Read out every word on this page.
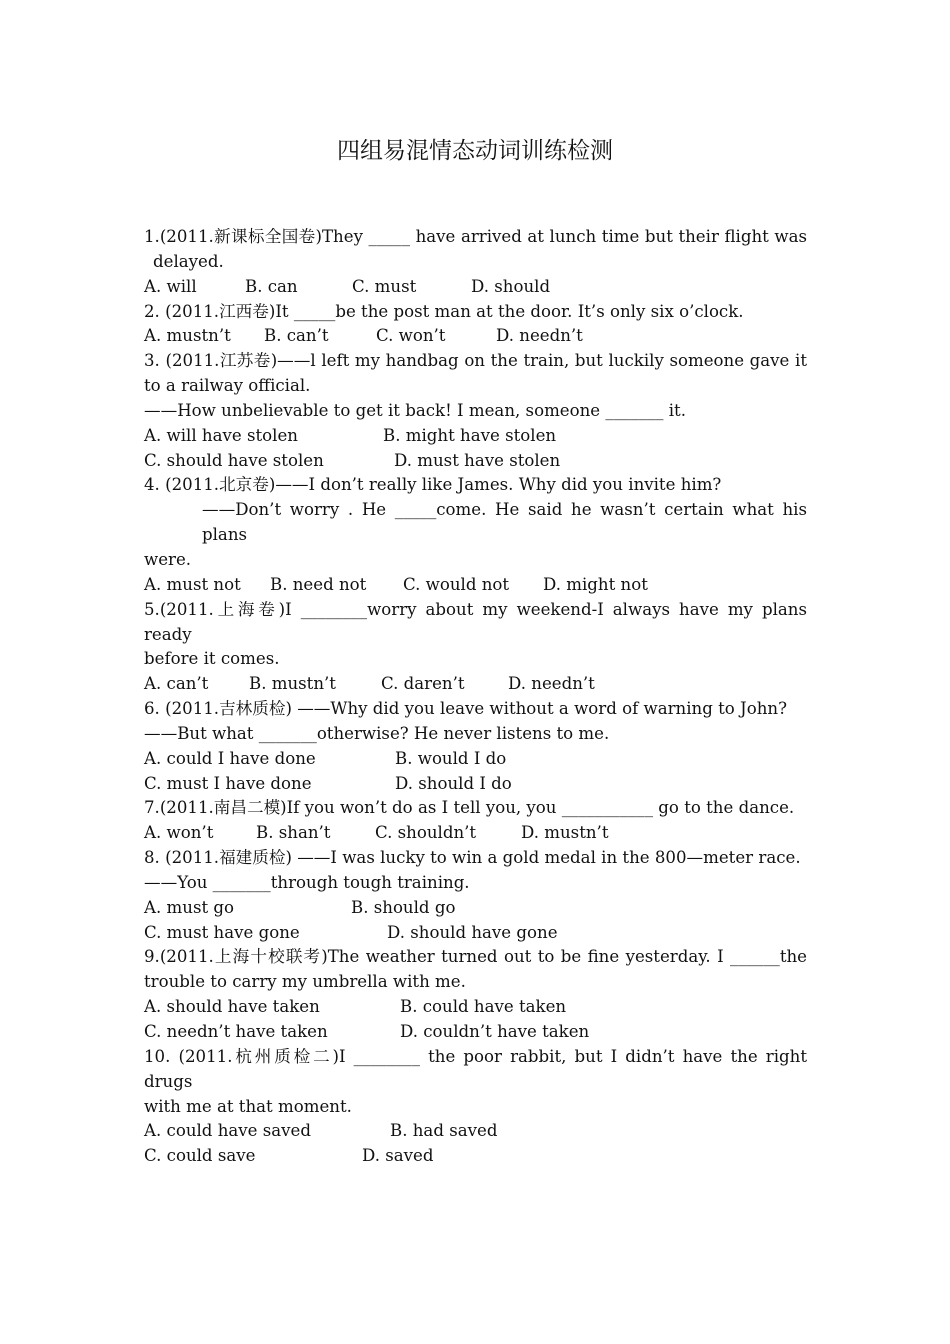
四组易混情态动词训练检测
1.(2011.新课标全国卷)They _____ have arrived at lunch time but their flight was
delayed.
A. will	B. can	C. must	D. should
2. (2011.江西卷)It _____be the post man at the door. It’s only six o’clock.
A. mustn’t B. can’t	C. won’t	D. needn’t
3. (2011.江苏卷)——l left my handbag on the train, but luckily someone gave it
to a railway official.
——How unbelievable to get it back! I mean, someone _______ it.
A. will have stolen	B. might have stolen
C. should have stolen	D. must have stolen
4. (2011.北京卷)——I don’t really like James. Why did you invite him?
——Don’t worry . He _____come. He said he wasn’t certain what his plans
were.
A. must not B. need not C. would not D. might not
5.(2011.上海卷)I ________worry about my weekend-I always have my plans ready
before it comes.
A. can’t B. mustn’t	C. daren’t	D. needn’t
6. (2011.吉林质检) ——Why did you leave without a word of warning to John?
——But what _______otherwise? He never listens to me.
A. could I have done	B. would I do
C. must I have done	D. should I do
7.(2011.南昌二模)If you won’t do as I tell you, you ___________ go to the dance.
A. won’t	B. shan’t	C. shouldn’t	D. mustn’t
8. (2011.福建质检) ——I was lucky to win a gold medal in the 800—meter race.
——You _______through tough training.
A. must go	B. should go
C. must have gone	D. should have gone
9.(2011.上海十校联考)The weather turned out to be fine yesterday. I ______the
trouble to carry my umbrella with me.
A. should have taken	B. could have taken
C. needn’t have taken	D. couldn’t have taken
10. (2011.杭州质检二)I ________ the poor rabbit, but I didn’t have the right drugs
with me at that moment.
A. could have saved	B. had saved
C. could save	D. saved
